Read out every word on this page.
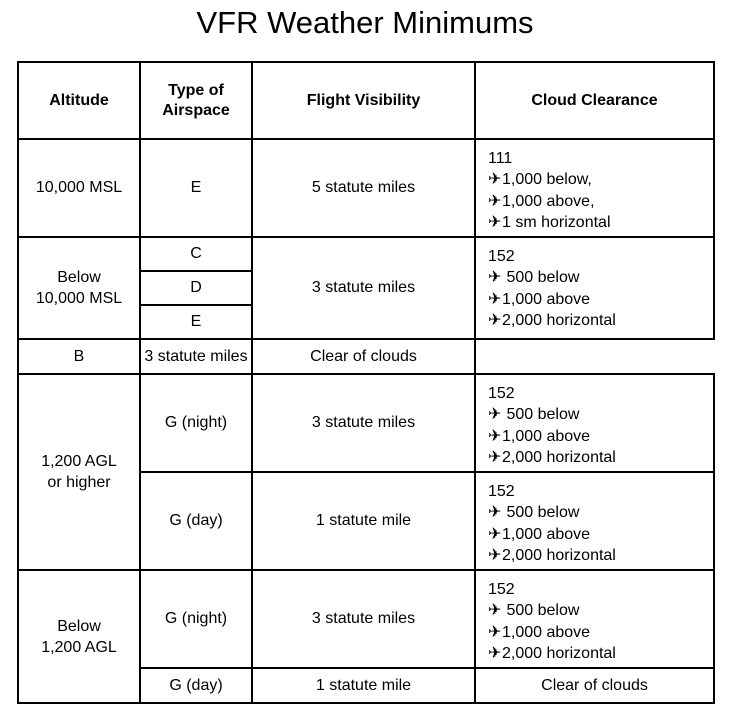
VFR Weather Minimums
Altitude	Type of
Airspace	Flight Visibility	Cloud Clearance
10,000 MSL	E	5 statute miles	111
✈1,000 below,
✈1,000 above,
✈1 sm horizontal

Below
10,000 MSL	C	3 statute miles	152
✈ 500 below
✈1,000 above
✈2,000 horizontal

	D		
	E		
B	3 statute miles	Clear of clouds	
1,200 AGL
or higher	G (night)	3 statute miles	152
✈ 500 below
✈1,000 above
✈2,000 horizontal

	G (day)	1 statute mile	152
✈ 500 below
✈1,000 above
✈2,000 horizontal

Below
1,200 AGL	G (night)	3 statute miles	152
✈ 500 below
✈1,000 above
✈2,000 horizontal

	G (day)	1 statute mile	Clear of clouds
